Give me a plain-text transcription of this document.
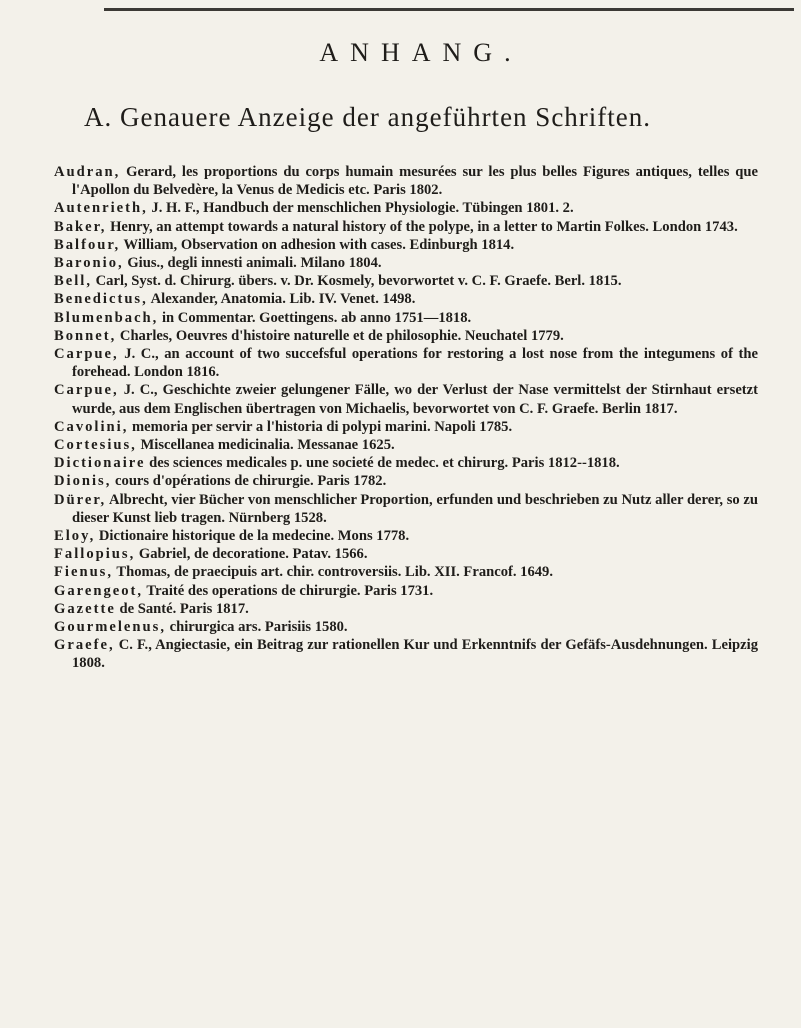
ANHANG.
A. Genauere Anzeige der angeführten Schriften.
Audran, Gerard, les proportions du corps humain mesurées sur les plus belles Figures antiques, telles que l'Apollon du Belvedère, la Venus de Medicis etc. Paris 1802.
Autenrieth, J. H. F., Handbuch der menschlichen Physiologie. Tübingen 1801. 2.
Baker, Henry, an attempt towards a natural history of the polype, in a letter to Martin Folkes. London 1743.
Balfour, William, Observation on adhesion with cases. Edinburgh 1814.
Baronio, Gius., degli innesti animali. Milano 1804.
Bell, Carl, Syst. d. Chirurg. übers. v. Dr. Kosmely, bevorwortet v. C. F. Graefe. Berl. 1815.
Benedictus, Alexander, Anatomia. Lib. IV. Venet. 1498.
Blumenbach, in Commentar. Goettingens. ab anno 1751—1818.
Bonnet, Charles, Oeuvres d'histoire naturelle et de philosophie. Neuchatel 1779.
Carpue, J. C., an account of two succefsful operations for restoring a lost nose from the integumens of the forehead. London 1816.
Carpue, J. C., Geschichte zweier gelungener Fälle, wo der Verlust der Nase vermittelst der Stirnhaut ersetzt wurde, aus dem Englischen übertragen von Michaelis, bevorwortet von C. F. Graefe. Berlin 1817.
Cavolini, memoria per servir a l'historia di polypi marini. Napoli 1785.
Cortesius, Miscellanea medicinalia. Messanae 1625.
Dictionaire des sciences medicales p. une societé de medec. et chirurg. Paris 1812--1818.
Dionis, cours d'opérations de chirurgie. Paris 1782.
Dürer, Albrecht, vier Bücher von menschlicher Proportion, erfunden und beschrieben zu Nutz aller derer, so zu dieser Kunst lieb tragen. Nürnberg 1528.
Eloy, Dictionaire historique de la medecine. Mons 1778.
Fallopius, Gabriel, de decoratione. Patav. 1566.
Fienus, Thomas, de praecipuis art. chir. controversiis. Lib. XII. Francof. 1649.
Garengeot, Traité des operations de chirurgie. Paris 1731.
Gazette de Santé. Paris 1817.
Gourmelenus, chirurgica ars. Parisiis 1580.
Graefe, C. F., Angiectasie, ein Beitrag zur rationellen Kur und Erkenntnifs der Gefäfs-Ausdehnungen. Leipzig 1808.
